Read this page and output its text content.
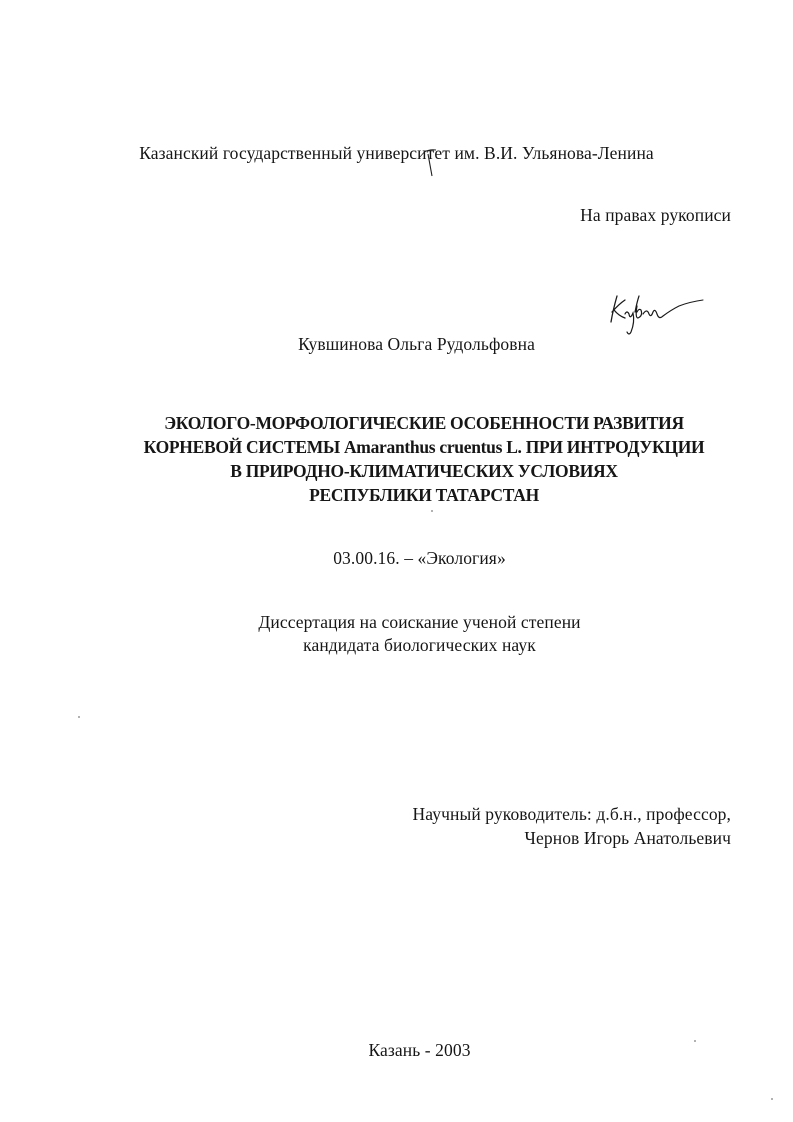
Казанский государственный университет им. В.И. Ульянова-Ленина
На правах рукописи
Кувшинова Ольга Рудольфовна
ЭКОЛОГО-МОРФОЛОГИЧЕСКИЕ ОСОБЕННОСТИ РАЗВИТИЯ
КОРНЕВОЙ СИСТЕМЫ Amaranthus cruentus L. ПРИ ИНТРОДУКЦИИ
В ПРИРОДНО-КЛИМАТИЧЕСКИХ УСЛОВИЯХ
РЕСПУБЛИКИ ТАТАРСТАН
03.00.16. – «Экология»
Диссертация на соискание ученой степени
кандидата биологических наук
Научный руководитель: д.б.н., профессор,
Чернов Игорь Анатольевич
Казань - 2003
